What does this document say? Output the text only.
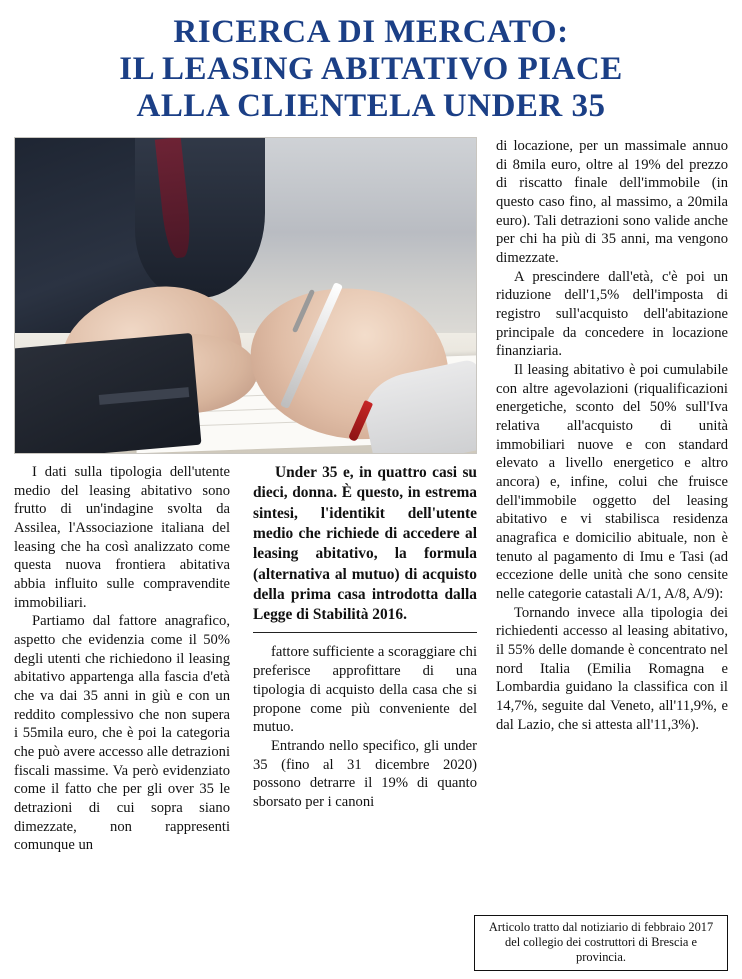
RICERCA DI MERCATO:
IL LEASING ABITATIVO PIACE
ALLA CLIENTELA UNDER 35

I dati sulla tipologia dell'utente medio del leasing abitativo sono frutto di un'indagine svolta da Assilea, l'Associazione italiana del leasing che ha così analizzato come questa nuova frontiera abitativa abbia influito sulle compravendite immobiliari.

Partiamo dal fattore anagrafico, aspetto che evidenzia come il 50% degli utenti che richiedono il leasing abitativo appartenga alla fascia d'età che va dai 35 anni in giù e con un reddito complessivo che non supera i 55mila euro, che è poi la categoria che può avere accesso alle detrazioni fiscali massime. Va però evidenziato come il fatto che per gli over 35 le detrazioni di cui sopra siano dimezzate, non rappresenti comunque un

Under 35 e, in quattro casi su dieci, donna. È questo, in estrema sintesi, l'identikit dell'utente medio che richiede di accedere al leasing abitativo, la formula (alternativa al mutuo) di acquisto della prima casa introdotta dalla Legge di Stabilità 2016.

fattore sufficiente a scoraggiare chi preferisce approfittare di una tipologia di acquisto della casa che si propone come più conveniente del mutuo.

Entrando nello specifico, gli under 35 (fino al 31 dicembre 2020) possono detrarre il 19% di quanto sborsato per i canoni

di locazione, per un massimale annuo di 8mila euro, oltre al 19% del prezzo di riscatto finale dell'immobile (in questo caso fino, al massimo, a 20mila euro). Tali detrazioni sono valide anche per chi ha più di 35 anni, ma vengono dimezzate.

A prescindere dall'età, c'è poi un riduzione dell'1,5% dell'imposta di registro sull'acquisto dell'abitazione principale da concedere in locazione finanziaria.

Il leasing abitativo è poi cumulabile con altre agevolazioni (riqualificazioni energetiche, sconto del 50% sull'Iva relativa all'acquisto di unità immobiliari nuove e con standard elevato a livello energetico e altro ancora) e, infine, colui che fruisce dell'immobile oggetto del leasing abitativo e vi stabilisca residenza anagrafica e domicilio abituale, non è tenuto al pagamento di Imu e Tasi (ad eccezione delle unità che sono censite nelle categorie catastali A/1, A/8, A/9):

Tornando invece alla tipologia dei richiedenti accesso al leasing abitativo, il 55% delle domande è concentrato nel nord Italia (Emilia Romagna e Lombardia guidano la classifica con il 14,7%, seguite dal Veneto, all'11,9%, e dal Lazio, che si attesta all'11,3%).

Articolo tratto dal notiziario di febbraio 2017
del collegio dei costruttori di Brescia e provincia.
